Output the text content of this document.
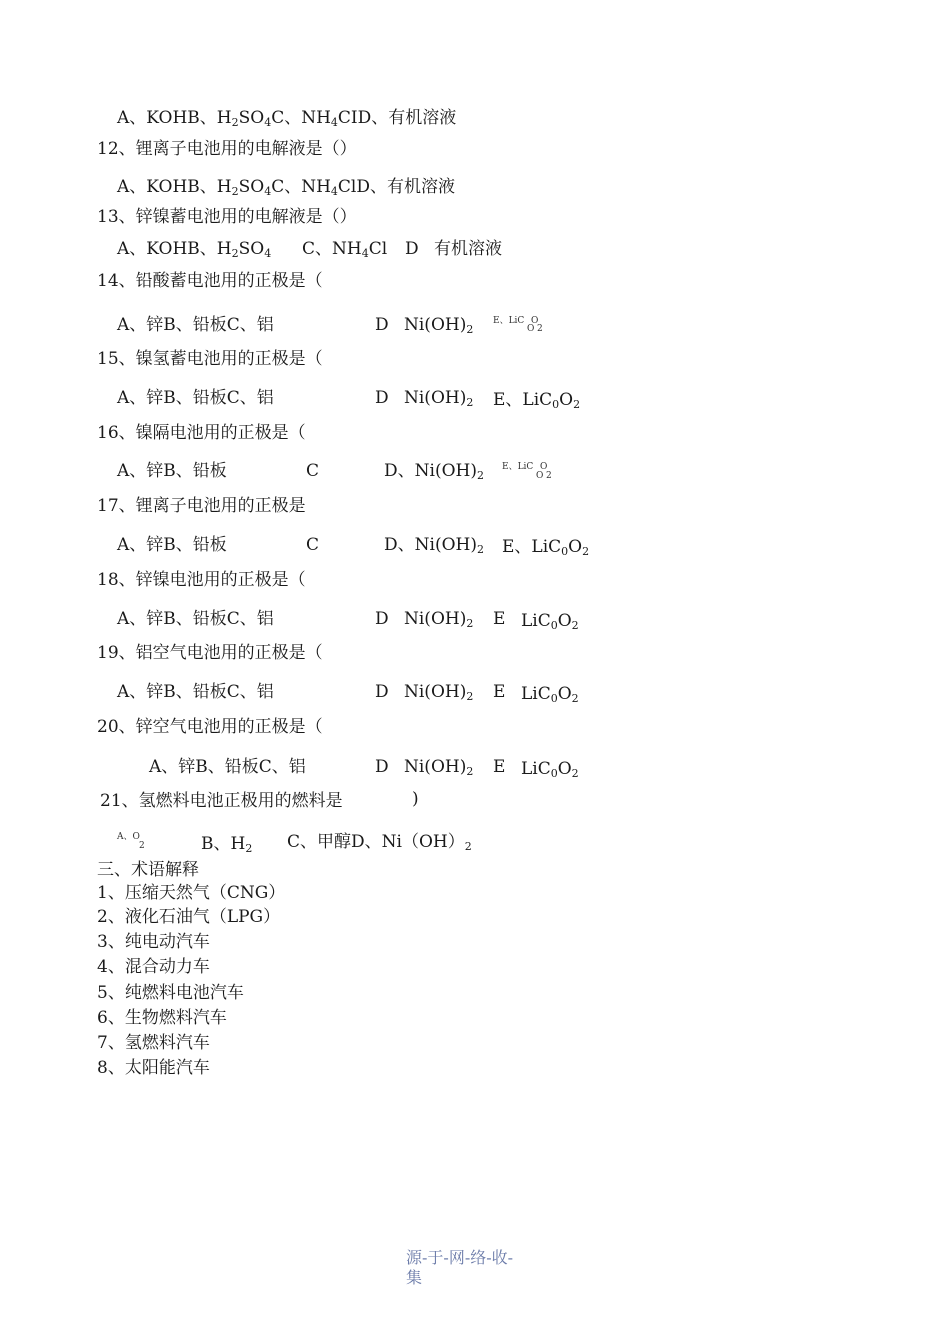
A、KOHB、$H_2SO_4C$、$NH_4CID$、有机溶液
12、锂离子电池用的电解液是（）
A、KOHB、$H_2SO_4C$、$NH_4ClD$、有机溶液
13、锌镍蓄电池用的电解液是（）
A、KOHB、$H_2SO_4$ C、$NH_4Cl$ D 有机溶液
14、铅酸蓄电池用的正极是（
A、锌B、铅板C、铝	D $Ni(OH)_2$
E、LiC O
O 2
15、镍氢蓄电池用的正极是（
A、锌B、铅板C、铝	D $Ni(OH)_2$ E、$LiC_0O_2$
16、镍隔电池用的正极是（
A、锌B、铅板	C	D、$Ni(OH)_2$
E、LiC O
O 2
17、锂离子电池用的正极是
A、锌B、铅板	C	D、$Ni(OH)_2$ E、$LiC_0O_2$
18、锌镍电池用的正极是（
A、锌B、铅板C、铝	D $Ni(OH)_2$ E $LiC_0O_2$
19、铝空气电池用的正极是（
A、锌B、铅板C、铝	D $Ni(OH)_2$ E $LiC_0O_2$
20、锌空气电池用的正极是（
A、锌B、铅板C、铝	D $Ni(OH)_2$ E $LiC_0O_2$
21、氢燃料电池正极用的燃料是	)
A、O
2	B、$H_2$ C、甲醇D、$Ni(OH)_2$
三、术语解释
1、压缩天然气（CNG）
2、液化石油气（LPG）
3、纯电动汽车
4、混合动力车
5、纯燃料电池汽车
6、生物燃料汽车
7、氢燃料汽车
8、太阳能汽车
源-于-网-络-收-
集
